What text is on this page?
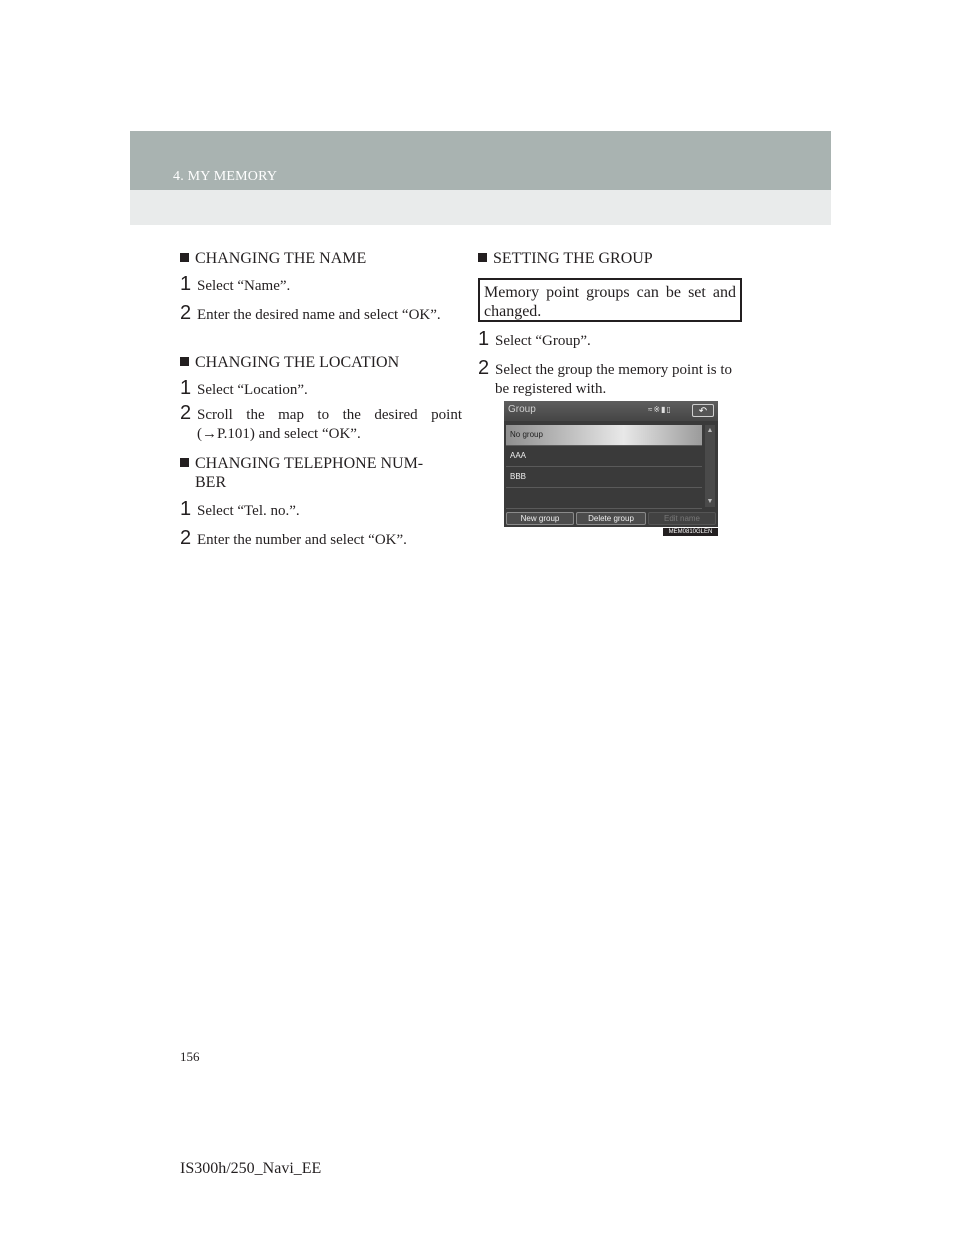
4. MY MEMORY
CHANGING THE NAME
1 Select “Name”.
2 Enter the desired name and select “OK”.
CHANGING THE LOCATION
1 Select “Location”.
2 Scroll the map to the desired point (→P.101) and select “OK”.
CHANGING TELEPHONE NUM-
BER
1 Select “Tel. no.”.
2 Enter the number and select “OK”.
SETTING THE GROUP
Memory point groups can be set and changed.
1 Select “Group”.
2 Select the group the memory point is to be registered with.
Group	≈※▮▯	↶
No group
AAA
BBB
▲
▼
New group	Delete group	Edit name
MEM0810GLEN
156
IS300h/250_Navi_EE
